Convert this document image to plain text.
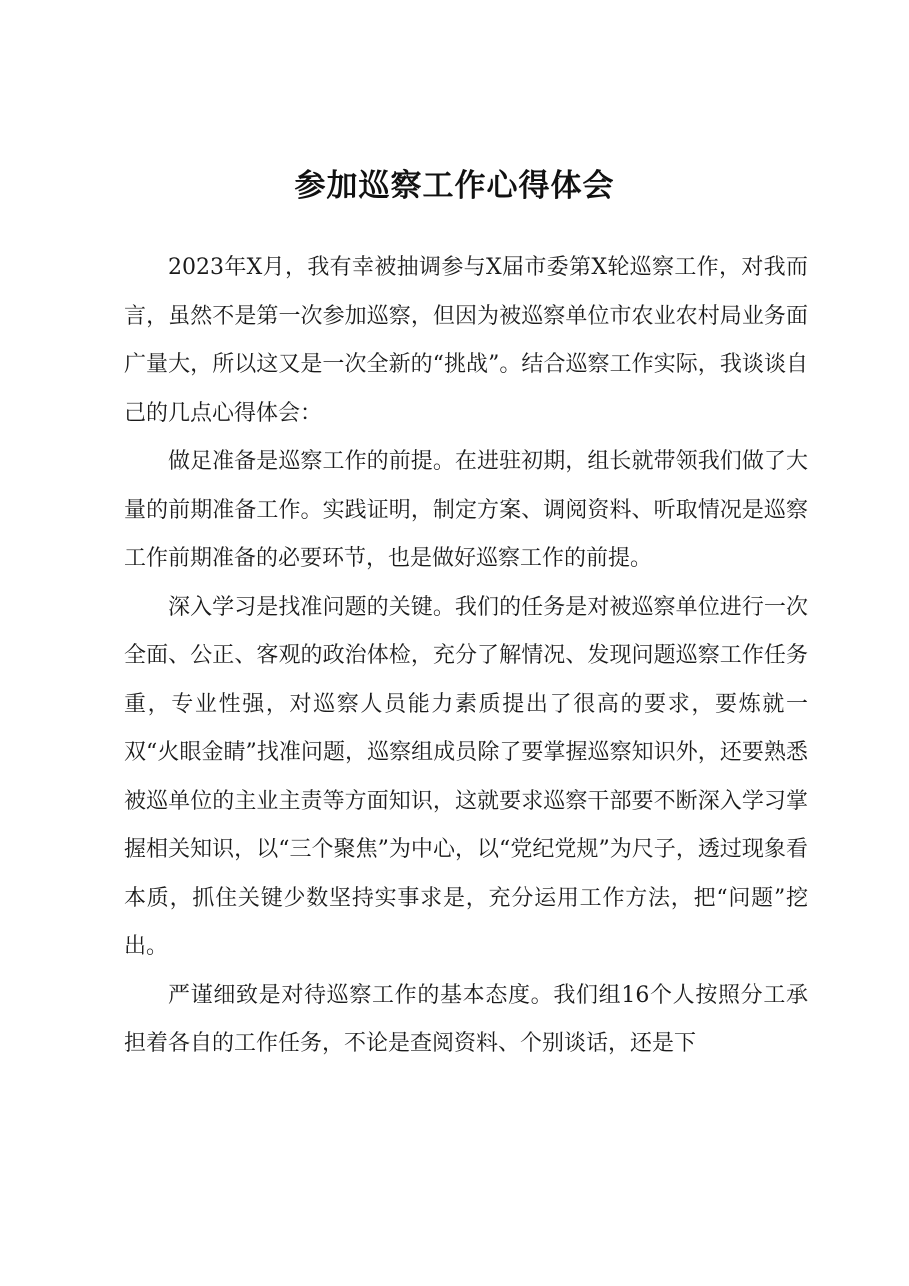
参加巡察工作心得体会

2023年X月，我有幸被抽调参与X届市委第X轮巡察工作，对我而言，虽然不是第一次参加巡察，但因为被巡察单位市农业农村局业务面广量大，所以这又是一次全新的“挑战”。结合巡察工作实际，我谈谈自己的几点心得体会：

做足准备是巡察工作的前提。在进驻初期，组长就带领我们做了大量的前期准备工作。实践证明，制定方案、调阅资料、听取情况是巡察工作前期准备的必要环节，也是做好巡察工作的前提。

深入学习是找准问题的关键。我们的任务是对被巡察单位进行一次全面、公正、客观的政治体检，充分了解情况、发现问题巡察工作任务重，专业性强，对巡察人员能力素质提出了很高的要求，要炼就一双“火眼金睛”找准问题，巡察组成员除了要掌握巡察知识外，还要熟悉被巡单位的主业主责等方面知识，这就要求巡察干部要不断深入学习掌握相关知识，以“三个聚焦”为中心，以“党纪党规”为尺子，透过现象看本质，抓住关键少数坚持实事求是，充分运用工作方法，把“问题”挖出。

严谨细致是对待巡察工作的基本态度。我们组16个人按照分工承担着各自的工作任务，不论是查阅资料、个别谈话，还是下
